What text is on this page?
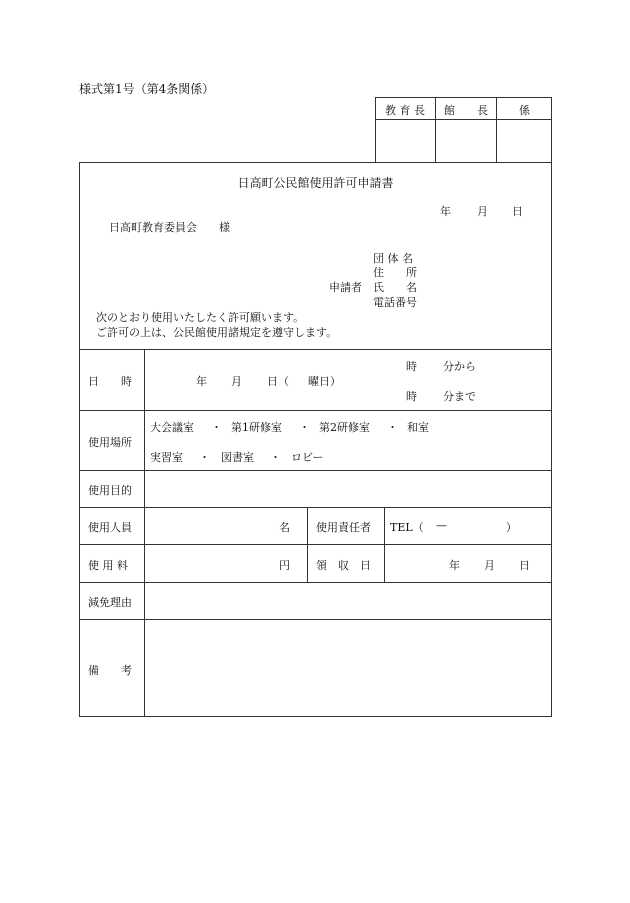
様式第1号（第4条関係）
教 育 長	館　　長	係
日高町公民館使用許可申請書
年 月 日
日高町教育委員会　　様
団 体 名
住　　所
申請者 氏　　名
電話番号
次のとおり使用いたしたく許可願います。
ご許可の上は、公民館使用諸規定を遵守します。
日　　時	年 月 日（ 曜日）
時 分から
時 分まで
使用場所
大会議室 ・ 第1研修室 ・ 第2研修室 ・ 和室
実習室 ・ 図書室 ・ ロビー
使用目的
使用人員	名 使用責任者 TEL（ —	）
使 用 料	円 領　収　日	年 月 日
減免理由
備　　考
